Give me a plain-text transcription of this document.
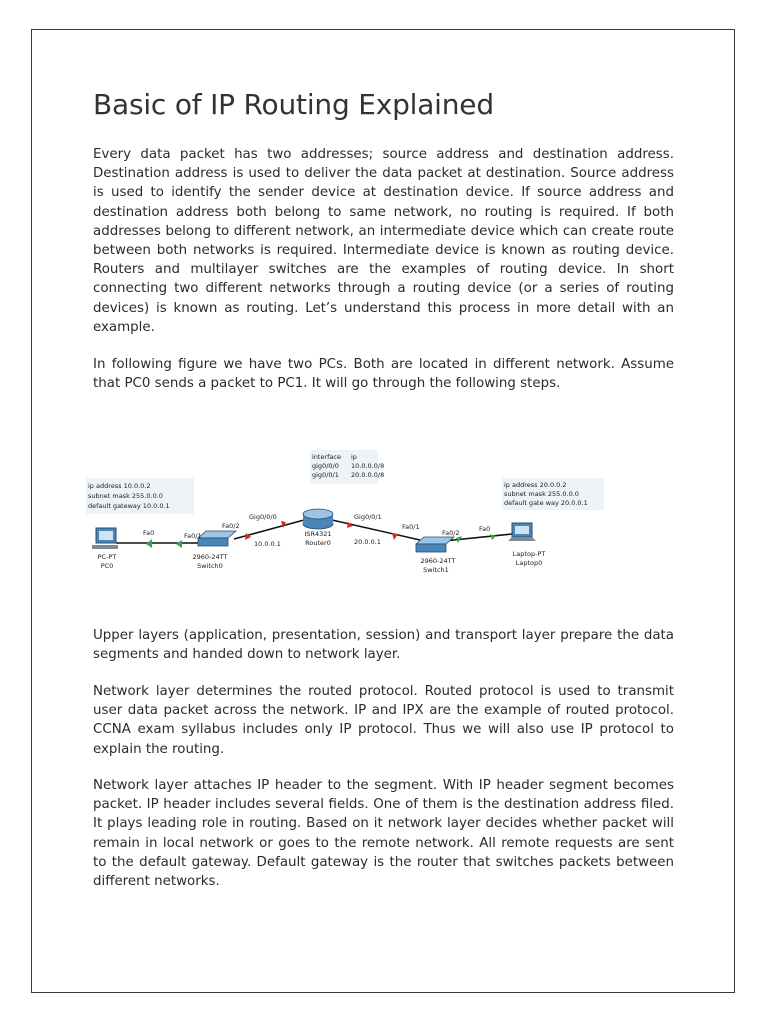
Basic of IP Routing Explained

Every data packet has two addresses; source address and destination address. Destination address is used to deliver the data packet at destination. Source address is used to identify the sender device at destination device. If source address and destination address both belong to same network, no routing is required. If both addresses belong to different network, an intermediate device which can create route between both networks is required. Intermediate device is known as routing device. Routers and multilayer switches are the examples of routing device. In short connecting two different networks through a routing device (or a series of routing devices) is known as routing. Let’s understand this process in more detail with an example.

In following figure we have two PCs. Both are located in different network. Assume that PC0 sends a packet to PC1. It will go through the following steps.

interface ip
gig0/0/0 10.0.0.0/8
gig0/0/1 20.0.0.0/8
ip address 10.0.0.2
subnet mask 255.0.0.0
default gateway 10.0.0.1
ip address 20.0.0.2
subnet mask 255.0.0.0
default gate way 20.0.0.1
Fa0	Fa0/1
Fa0/2
Gig0/0/0	Gig0/0/1
Fa0/1
Fa0/2	Fa0
10.0.0.1	20.0.0.1
PC-PT
PC0
2960-24TT
Switch0
ISR4321
Router0
2960-24TT
Switch1
Laptop-PT
Laptop0

Upper layers (application, presentation, session) and transport layer prepare the data segments and handed down to network layer.

Network layer determines the routed protocol. Routed protocol is used to transmit user data packet across the network. IP and IPX are the example of routed protocol. CCNA exam syllabus includes only IP protocol. Thus we will also use IP protocol to explain the routing.

Network layer attaches IP header to the segment. With IP header segment becomes packet. IP header includes several fields. One of them is the destination address filed. It plays leading role in routing. Based on it network layer decides whether packet will remain in local network or goes to the remote network. All remote requests are sent to the default gateway. Default gateway is the router that switches packets between different networks.
